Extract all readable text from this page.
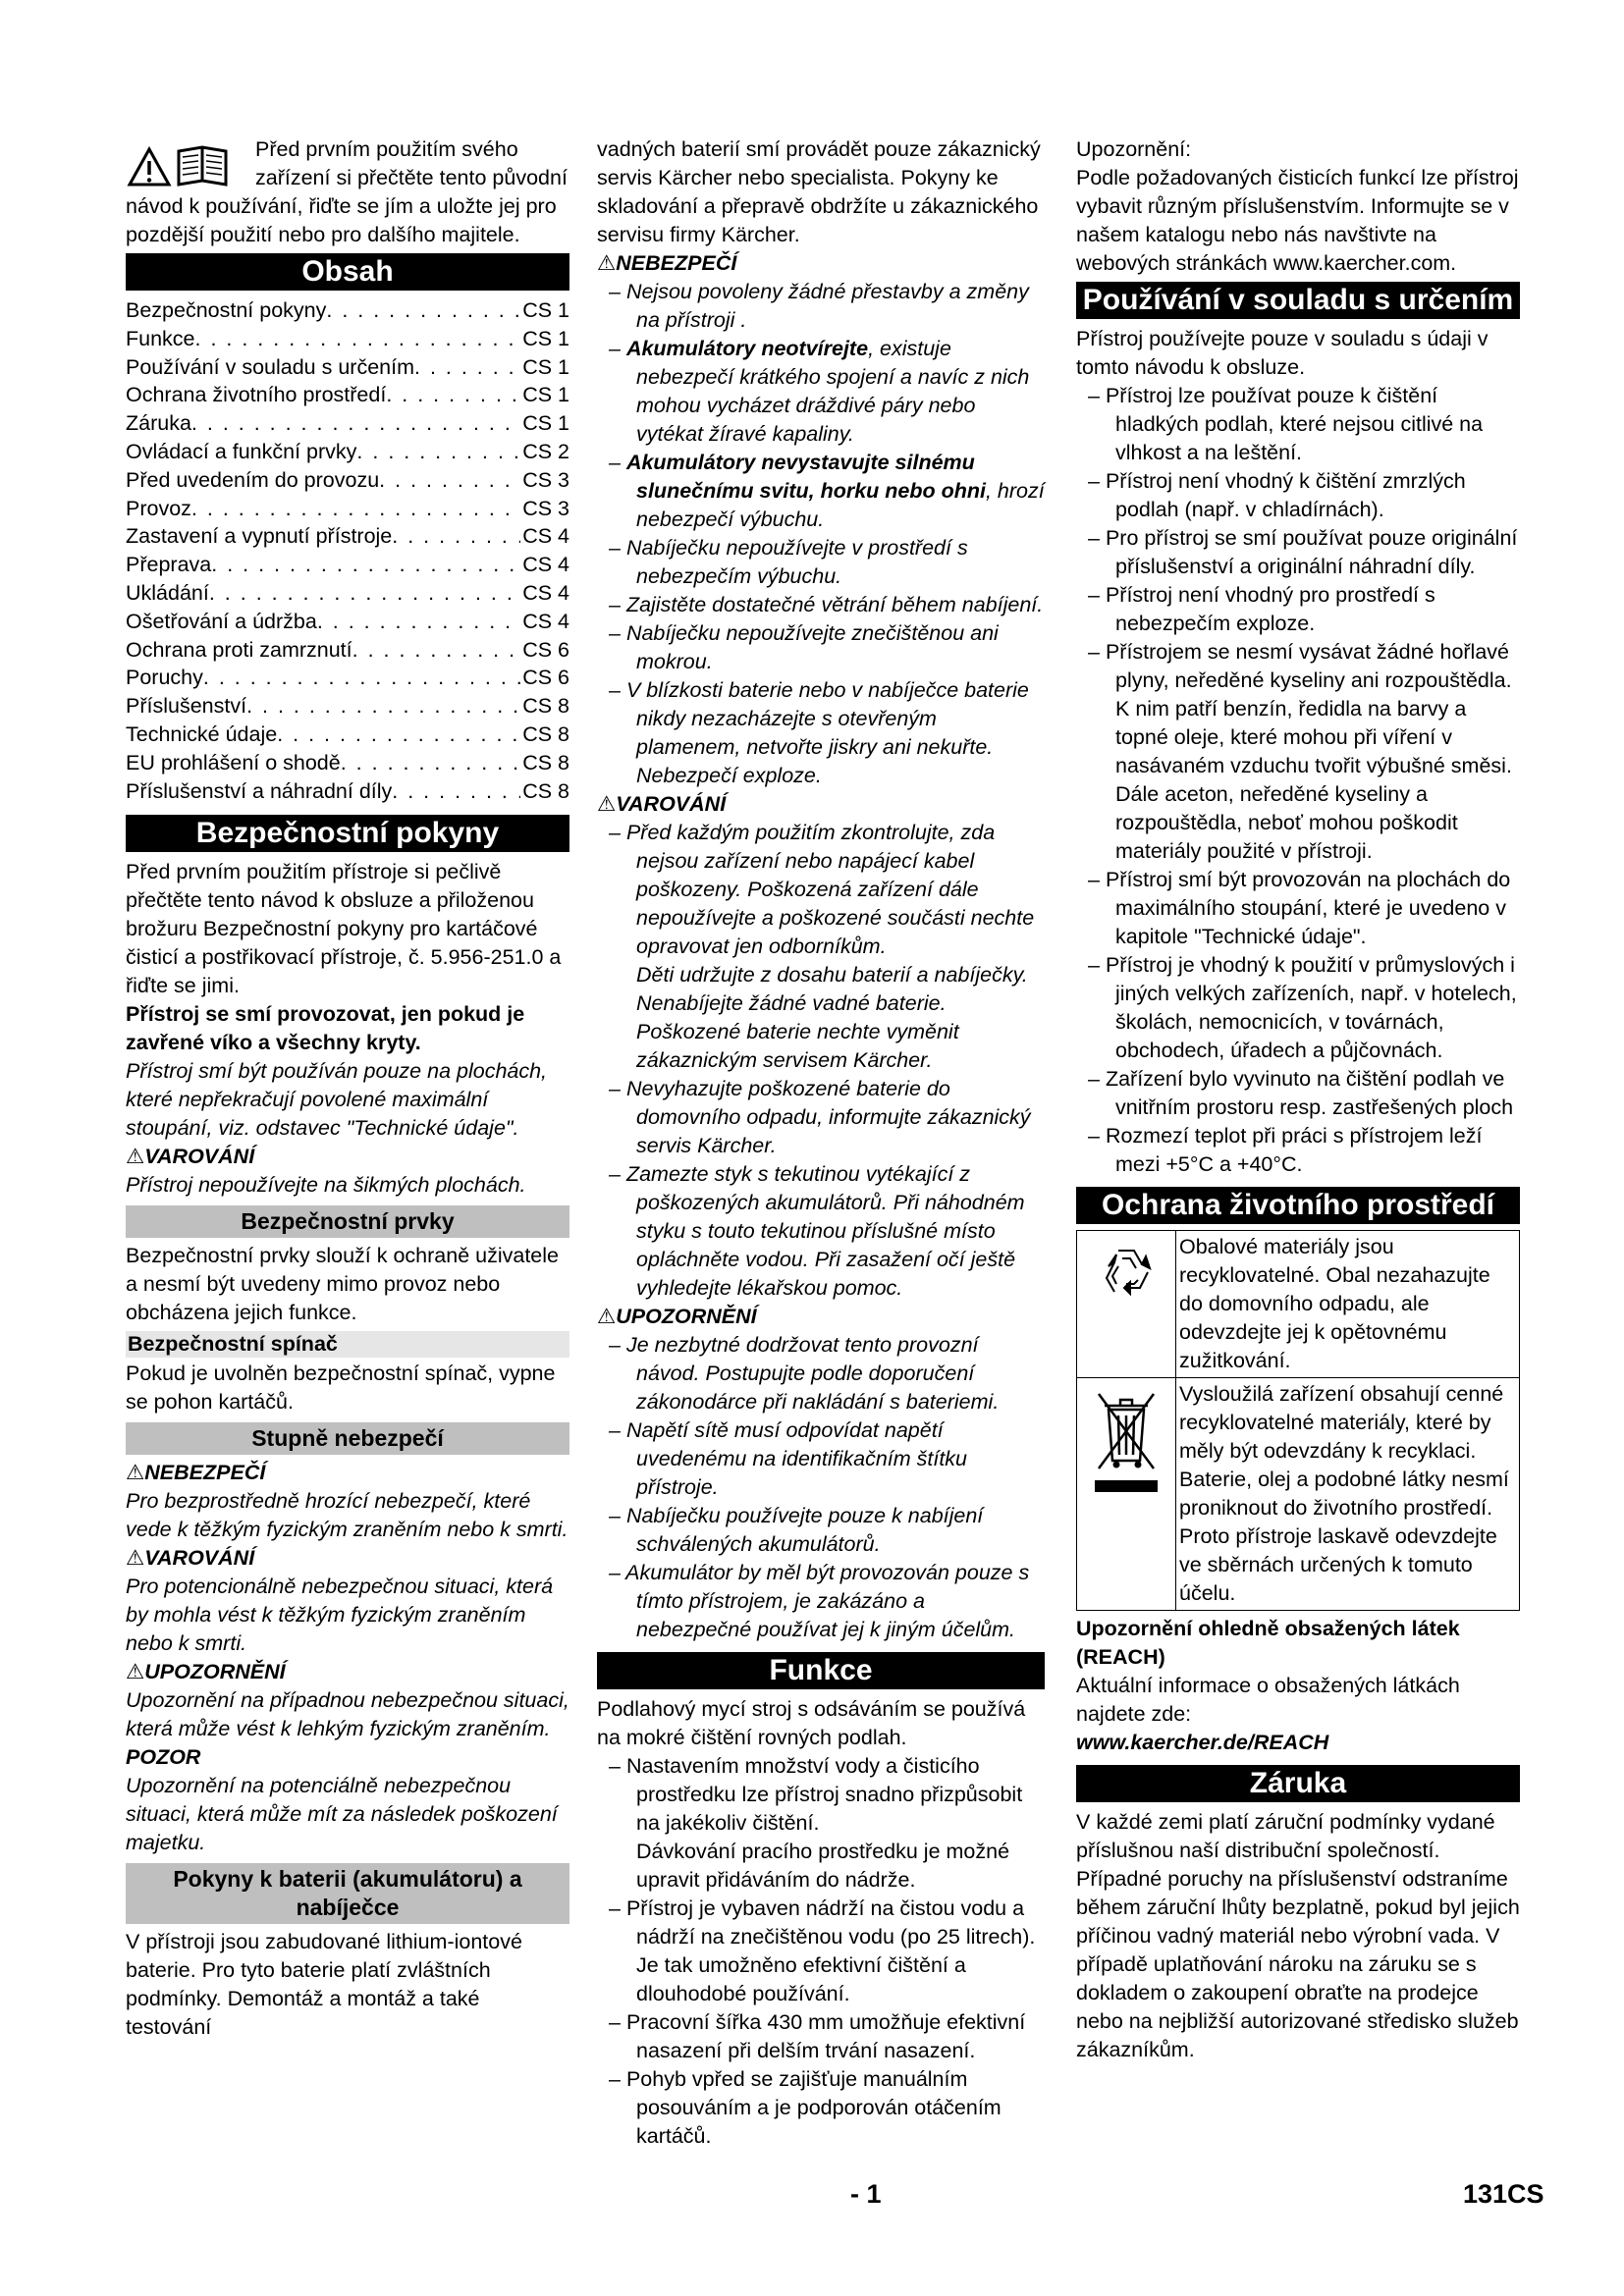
Před prvním použitím svého zařízení si přečtěte tento původní návod k používání, řiďte se jím a uložte jej pro pozdější použití nebo pro dalšího majitele.

Obsah
Bezpečnostní pokyny . . .	CS 1
Funkce . . .	CS 1
Používání v souladu s určením . . .	CS 1
Ochrana životního prostředí . . .	CS 1
Záruka . . .	CS 1
Ovládací a funkční prvky . . .	CS 2
Před uvedením do provozu . . .	CS 3
Provoz . . .	CS 3
Zastavení a vypnutí přístroje . . .	CS 4
Přeprava . . .	CS 4
Ukládání . . .	CS 4
Ošetřování a údržba . . .	CS 4
Ochrana proti zamrznutí . . .	CS 6
Poruchy . . .	CS 6
Příslušenství . . .	CS 8
Technické údaje . . .	CS 8
EU prohlášení o shodě . . .	CS 8
Příslušenství a náhradní díly . . .	CS 8
Bezpečnostní pokyny

Před prvním použitím přístroje si pečlivě přečtěte tento návod k obsluze a přiloženou brožuru Bezpečnostní pokyny pro kartáčové čisticí a postřikovací přístroje, č. 5.956-251.0 a řiďte se jimi.

Přístroj se smí provozovat, jen pokud je zavřené víko a všechny kryty.

Přístroj smí být používán pouze na plochách, které nepřekračují povolené maximální stoupání, viz. odstavec "Technické údaje".

⚠VAROVÁNÍ

Přístroj nepoužívejte na šikmých plochách.

Bezpečnostní prvky

Bezpečnostní prvky slouží k ochraně uživatele a nesmí být uvedeny mimo provoz nebo obcházena jejich funkce.

Bezpečnostní spínač

Pokud je uvolněn bezpečnostní spínač, vypne se pohon kartáčů.

Stupně nebezpečí

⚠NEBEZPEČÍ

Pro bezprostředně hrozící nebezpečí, které vede k těžkým fyzickým zraněním nebo k smrti.

⚠VAROVÁNÍ

Pro potencionálně nebezpečnou situaci, která by mohla vést k těžkým fyzickým zraněním nebo k smrti.

⚠UPOZORNĚNÍ

Upozornění na případnou nebezpečnou situaci, která může vést k lehkým fyzickým zraněním.

POZOR

Upozornění na potenciálně nebezpečnou situaci, která může mít za následek poškození majetku.

Pokyny k baterii (akumulátoru) a nabíječce

V přístroji jsou zabudované lithium-iontové baterie. Pro tyto baterie platí zvláštních podmínky. Demontáž a montáž a také testování

vadných baterií smí provádět pouze zákaznický servis Kärcher nebo specialista. Pokyny ke skladování a přepravě obdržíte u zákaznického servisu firmy Kärcher.

⚠NEBEZPEČÍ

– Nejsou povoleny žádné přestavby a změny na přístroji .

– Akumulátory neotvírejte, existuje nebezpečí krátkého spojení a navíc z nich mohou vycházet dráždivé páry nebo vytékat žíravé kapaliny.

– Akumulátory nevystavujte silnému slunečnímu svitu, horku nebo ohni, hrozí nebezpečí výbuchu.

– Nabíječku nepoužívejte v prostředí s nebezpečím výbuchu.

– Zajistěte dostatečné větrání během nabíjení.

– Nabíječku nepoužívejte znečištěnou ani mokrou.

– V blízkosti baterie nebo v nabíječce baterie nikdy nezacházejte s otevřeným plamenem, netvořte jiskry ani nekuřte. Nebezpečí exploze.

⚠VAROVÁNÍ

– Před každým použitím zkontrolujte, zda nejsou zařízení nebo napájecí kabel poškozeny. Poškozená zařízení dále nepoužívejte a poškozené součásti nechte opravovat jen odborníkům.

Děti udržujte z dosahu baterií a nabíječky. Nenabíjejte žádné vadné baterie. Poškozené baterie nechte vyměnit zákaznickým servisem Kärcher.

– Nevyhazujte poškozené baterie do domovního odpadu, informujte zákaznický servis Kärcher.

– Zamezte styk s tekutinou vytékající z poškozených akumulátorů. Při náhodném styku s touto tekutinou příslušné místo opláchněte vodou. Při zasažení očí ještě vyhledejte lékařskou pomoc.

⚠UPOZORNĚNÍ

– Je nezbytné dodržovat tento provozní návod. Postupujte podle doporučení zákonodárce při nakládání s bateriemi.

– Napětí sítě musí odpovídat napětí uvedenému na identifikačním štítku přístroje.

– Nabíječku používejte pouze k nabíjení schválených akumulátorů.

– Akumulátor by měl být provozován pouze s tímto přístrojem, je zakázáno a nebezpečné používat jej k jiným účelům.

Funkce

Podlahový mycí stroj s odsáváním se používá na mokré čištění rovných podlah.

– Nastavením množství vody a čisticího prostředku lze přístroj snadno přizpůsobit na jakékoliv čištění.

Dávkování pracího prostředku je možné upravit přidáváním do nádrže.

– Přístroj je vybaven nádrží na čistou vodu a nádrží na znečištěnou vodu (po 25 litrech). Je tak umožněno efektivní čištění a dlouhodobé používání.

– Pracovní šířka 430 mm umožňuje efektivní nasazení při delším trvání nasazení.

– Pohyb vpřed se zajišťuje manuálním posouváním a je podporován otáčením kartáčů.

Upozornění:

Podle požadovaných čisticích funkcí lze přístroj vybavit různým příslušenstvím. Informujte se v našem katalogu nebo nás navštivte na webových stránkách www.kaercher.com.

Používání v souladu s určením

Přístroj používejte pouze v souladu s údaji v tomto návodu k obsluze.

– Přístroj lze používat pouze k čištění hladkých podlah, které nejsou citlivé na vlhkost a na leštění.

– Přístroj není vhodný k čištění zmrzlých podlah (např. v chladírnách).

– Pro přístroj se smí používat pouze originální příslušenství a originální náhradní díly.

– Přístroj není vhodný pro prostředí s nebezpečím exploze.

– Přístrojem se nesmí vysávat žádné hořlavé plyny, neředěné kyseliny ani rozpouštědla.

K nim patří benzín, ředidla na barvy a topné oleje, které mohou při víření v nasávaném vzduchu tvořit výbušné směsi. Dále aceton, neředěné kyseliny a rozpouštědla, neboť mohou poškodit materiály použité v přístroji.

– Přístroj smí být provozován na plochách do maximálního stoupání, které je uvedeno v kapitole "Technické údaje".

– Přístroj je vhodný k použití v průmyslových i jiných velkých zařízeních, např. v hotelech, školách, nemocnicích, v továrnách, obchodech, úřadech a půjčovnách.

– Zařízení bylo vyvinuto na čištění podlah ve vnitřním prostoru resp. zastřešených ploch

– Rozmezí teplot při práci s přístrojem leží mezi +5°C a +40°C.

Ochrana životního prostředí
	Obalové materiály jsou recyklovatelné. Obal nezahazujte do domovního odpadu, ale odevzdejte jej k opětovnému zužitkování.
	Vysloužilá zařízení obsahují cenné recyklovatelné materiály, které by měly být odevzdány k recyklaci. Baterie, olej a podobné látky nesmí proniknout do životního prostředí. Proto přístroje laskavě odevzdejte ve sběrnách určených k tomuto účelu.

Upozornění ohledně obsažených látek (REACH)

Aktuální informace o obsažených látkách najdete zde:

www.kaercher.de/REACH

Záruka

V každé zemi platí záruční podmínky vydané příslušnou naší distribuční společností. Případné poruchy na příslušenství odstraníme během záruční lhůty bezplatně, pokud byl jejich příčinou vadný materiál nebo výrobní vada. V případě uplatňování nároku na záruku se s dokladem o zakoupení obraťte na prodejce nebo na nejbližší autorizované středisko služeb zákazníkům.

- 1	131CS
